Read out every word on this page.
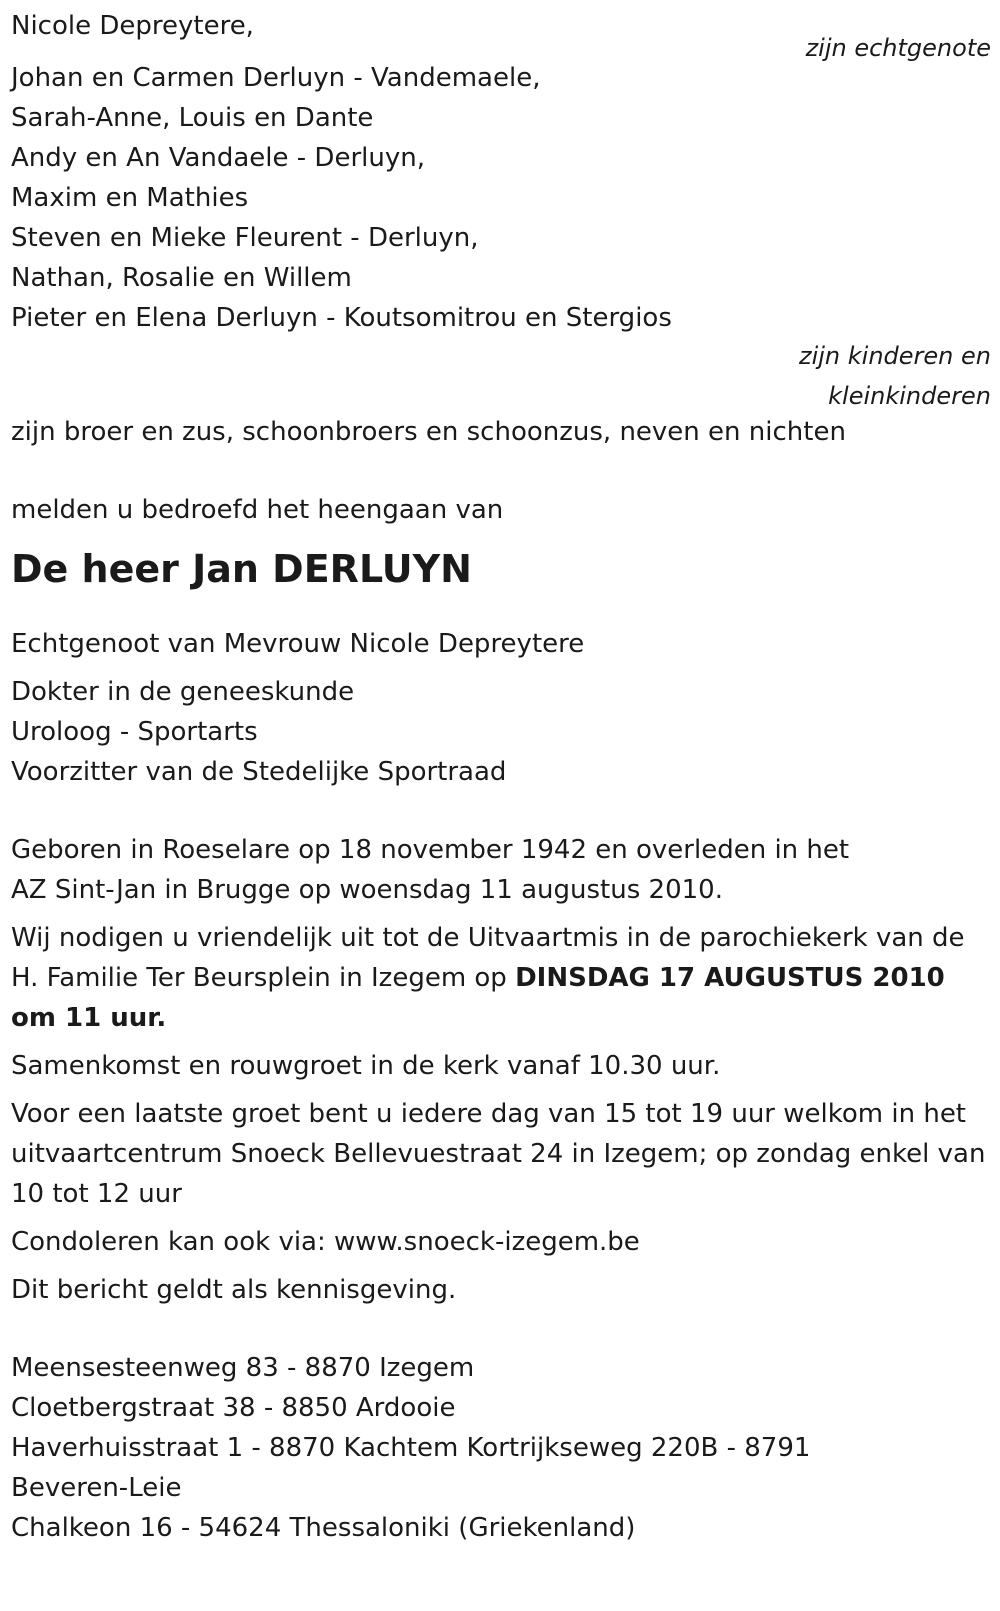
Nicole Depreytere,
zijn echtgenote
Johan en Carmen Derluyn - Vandemaele,
Sarah-Anne, Louis en Dante
Andy en An Vandaele - Derluyn,
Maxim en Mathies
Steven en Mieke Fleurent - Derluyn,
Nathan, Rosalie en Willem
Pieter en Elena Derluyn - Koutsomitrou en Stergios
zijn kinderen en
kleinkinderen
zijn broer en zus, schoonbroers en schoonzus, neven en nichten
melden u bedroefd het heengaan van
De heer Jan DERLUYN
Echtgenoot van Mevrouw Nicole Depreytere
Dokter in de geneeskunde
Uroloog - Sportarts
Voorzitter van de Stedelijke Sportraad
Geboren in Roeselare op 18 november 1942 en overleden in het AZ Sint-Jan in Brugge op woensdag 11 augustus 2010.
Wij nodigen u vriendelijk uit tot de Uitvaartmis in de parochiekerk van de H. Familie Ter Beursplein in Izegem op DINSDAG 17 AUGUSTUS 2010 om 11 uur.
Samenkomst en rouwgroet in de kerk vanaf 10.30 uur.
Voor een laatste groet bent u iedere dag van 15 tot 19 uur welkom in het uitvaartcentrum Snoeck Bellevuestraat 24 in Izegem; op zondag enkel van 10 tot 12 uur
Condoleren kan ook via: www.snoeck-izegem.be
Dit bericht geldt als kennisgeving.
Meensesteenweg 83 - 8870 Izegem
Cloetbergstraat 38 - 8850 Ardooie
Haverhuisstraat 1 - 8870 Kachtem Kortrijkseweg 220B - 8791 Beveren-Leie
Chalkeon 16 - 54624 Thessaloniki (Griekenland)
